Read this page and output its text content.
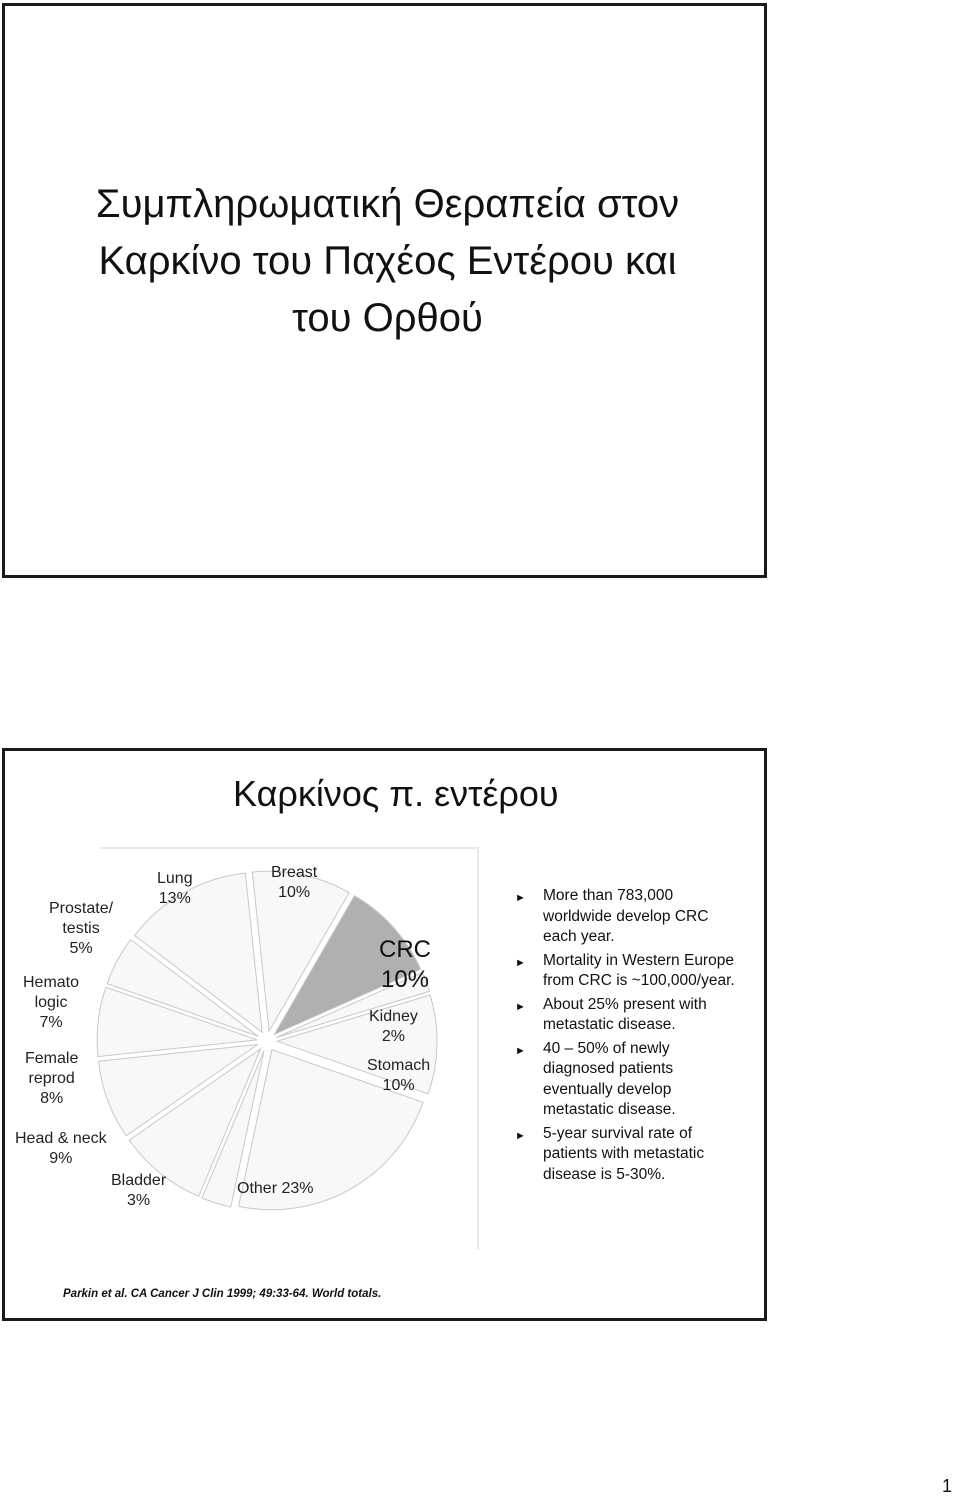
Συμπληρωματική Θεραπεία στον
Καρκίνο του Παχέος Εντέρου και
του Ορθού
Καρκίνος π. εντέρου
Prostate/
testis
5%
Hemato
logic
7%
Female
reprod
8%
Head & neck
9%
Bladder
3%
Lung
13%
Breast
10%
Other 23%
CRC
10%
Kidney
2%
Stomach
10%
► More than 783,000 worldwide develop CRC each year.
► Mortality in Western Europe from CRC is ~100,000/year.
► About 25% present with metastatic disease.
► 40 – 50% of newly diagnosed patients eventually develop metastatic disease.
► 5-year survival rate of patients with metastatic disease is 5-30%.
Parkin et al. CA Cancer J Clin 1999; 49:33-64. World totals.
1
